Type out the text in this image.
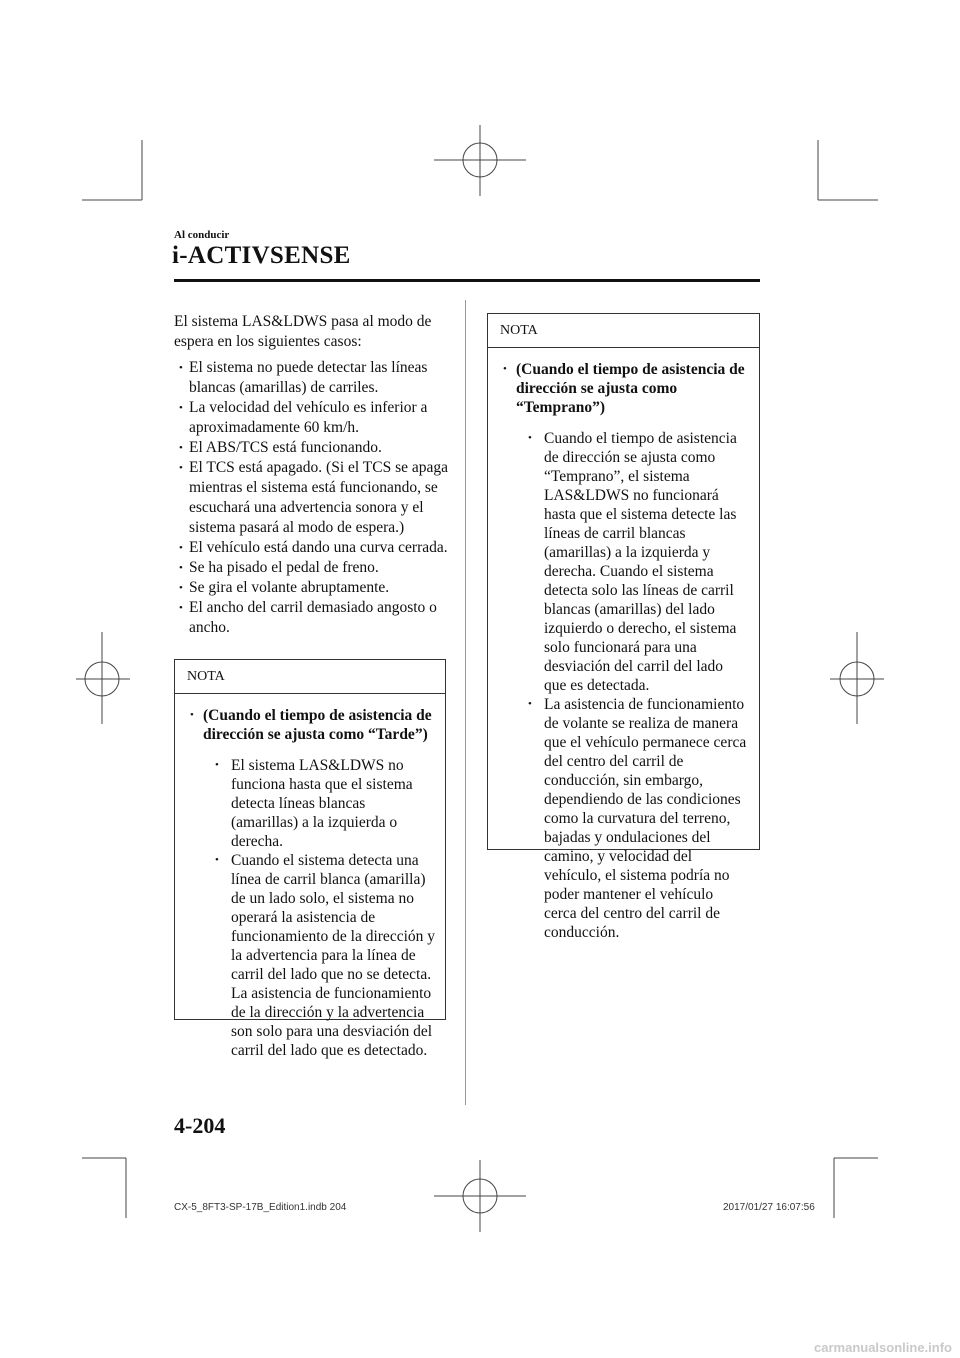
Al conducir
i-ACTIVSENSE
El sistema LAS&LDWS pasa al modo de espera en los siguientes casos:
• El sistema no puede detectar las líneas blancas (amarillas) de carriles.
• La velocidad del vehículo es inferior a aproximadamente 60 km/h.
• El ABS/TCS está funcionando.
• El TCS está apagado. (Si el TCS se apaga mientras el sistema está funcionando, se escuchará una advertencia sonora y el sistema pasará al modo de espera.)
• El vehículo está dando una curva cerrada.
• Se ha pisado el pedal de freno.
• Se gira el volante abruptamente.
• El ancho del carril demasiado angosto o ancho.
NOTA
• (Cuando el tiempo de asistencia de dirección se ajusta como “Tarde”)
• El sistema LAS&LDWS no funciona hasta que el sistema detecta líneas blancas (amarillas) a la izquierda o derecha.
• Cuando el sistema detecta una línea de carril blanca (amarilla) de un lado solo, el sistema no operará la asistencia de funcionamiento de la dirección y la advertencia para la línea de carril del lado que no se detecta. La asistencia de funcionamiento de la dirección y la advertencia son solo para una desviación del carril del lado que es detectado.
NOTA
• (Cuando el tiempo de asistencia de dirección se ajusta como “Temprano”)
• Cuando el tiempo de asistencia de dirección se ajusta como “Temprano”, el sistema LAS&LDWS no funcionará hasta que el sistema detecte las líneas de carril blancas (amarillas) a la izquierda y derecha. Cuando el sistema detecta solo las líneas de carril blancas (amarillas) del lado izquierdo o derecho, el sistema solo funcionará para una desviación del carril del lado que es detectada.
• La asistencia de funcionamiento de volante se realiza de manera que el vehículo permanece cerca del centro del carril de conducción, sin embargo, dependiendo de las condiciones como la curvatura del terreno, bajadas y ondulaciones del camino, y velocidad del vehículo, el sistema podría no poder mantener el vehículo cerca del centro del carril de conducción.
4-204
CX-5_8FT3-SP-17B_Edition1.indb 204	2017/01/27 16:07:56
carmanualsonline.info
